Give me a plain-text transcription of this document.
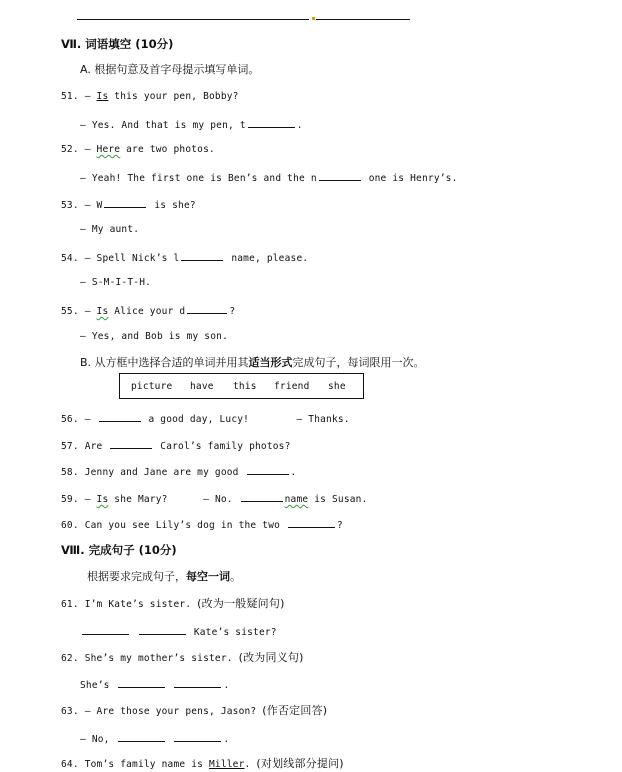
Ⅶ. 词语填空 (10分)
A. 根据句意及首字母提示填写单词。
51. — Is this your pen, Bobby?
— Yes. And that is my pen, t	.
52. — Here are two photos.
— Yeah! The first one is Ben’s and the n	one is Henry’s.
53. — W	is she?
— My aunt.
54. — Spell Nick’s l	name, please.
— S-M-I-T-H.
55. — Is Alice your d	?
— Yes, and Bob is my son.
B. 从方框中选择合适的单词并用其适当形式完成句子，每词限用一次。
picture have this friend she
56. —	a good day, Lucy!	— Thanks.
57. Are	Carol’s family photos?
58. Jenny and Jane are my good	.
59. — Is she Mary?	— No.	name is Susan.
60. Can you see Lily’s dog in the two	?
Ⅷ. 完成句子 (10分)
根据要求完成句子，每空一词。
61. I’m Kate’s sister. (改为一般疑问句)
Kate’s sister?
62. She’s my mother’s sister. (改为同义句)
She’s	.
63. — Are those your pens, Jason? (作否定回答)
— No,	.
64. Tom’s family name is Miller. (对划线部分提问)
